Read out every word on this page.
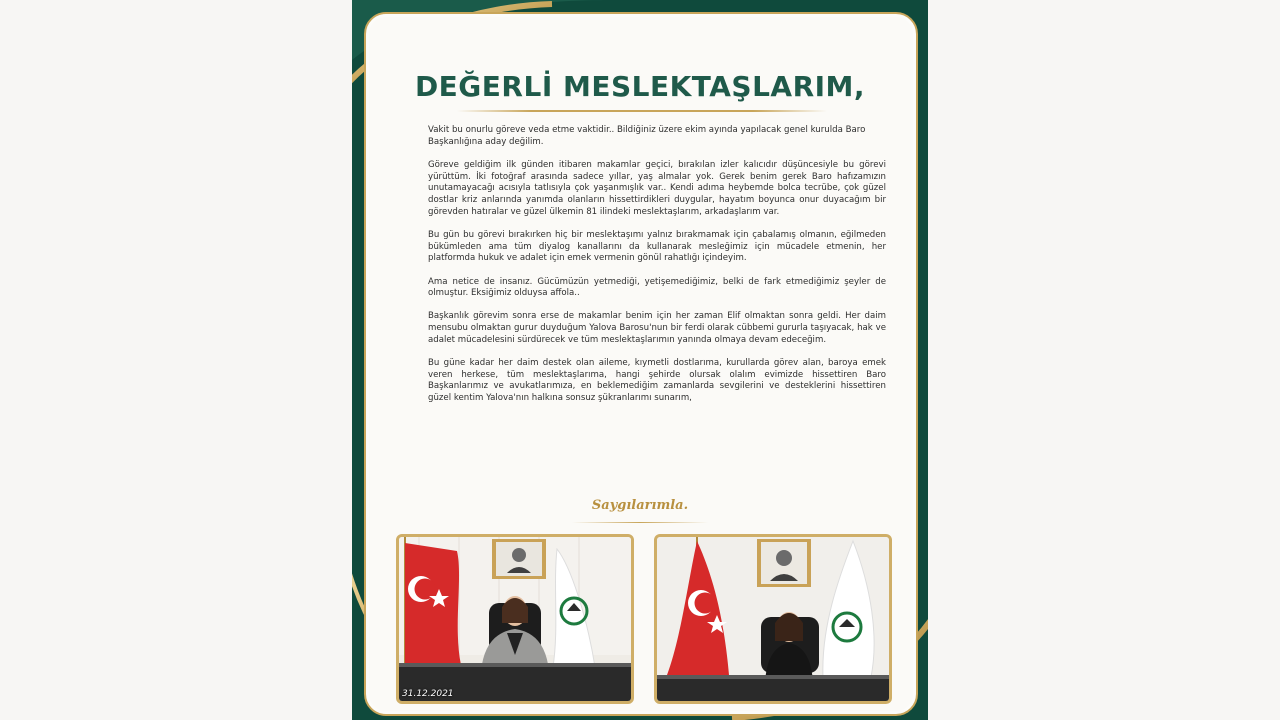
DEĞERLİ MESLEKTAŞLARIM,

Vakit bu onurlu göreve veda etme vaktidir.. Bildiğiniz üzere ekim ayında yapılacak genel kurulda Baro Başkanlığına aday değilim.

Göreve geldiğim ilk günden itibaren makamlar geçici, bırakılan izler kalıcıdır düşüncesiyle bu görevi yürüttüm. İki fotoğraf arasında sadece yıllar, yaş almalar yok. Gerek benim gerek Baro hafızamızın unutamayacağı acısıyla tatlısıyla çok yaşanmışlık var.. Kendi adıma heybemde bolca tecrübe, çok güzel dostlar kriz anlarında yanımda olanların hissettirdikleri duygular, hayatım boyunca onur duyacağım bir görevden hatıralar ve güzel ülkemin 81 ilindeki meslektaşlarım, arkadaşlarım var.

Bu gün bu görevi bırakırken hiç bir meslektaşımı yalnız bırakmamak için çabalamış olmanın, eğilmeden bükümleden ama tüm diyalog kanallarını da kullanarak mesleğimiz için mücadele etmenin, her platformda hukuk ve adalet için emek vermenin gönül rahatlığı içindeyim.

Ama netice de insanız. Gücümüzün yetmediği, yetişemediğimiz, belki de fark etmediğimiz şeyler de olmuştur. Eksiğimiz olduysa affola..

Başkanlık görevim sonra erse de makamlar benim için her zaman Elif olmaktan sonra geldi. Her daim mensubu olmaktan gurur duyduğum Yalova Barosu'nun bir ferdi olarak cübbemi gururla taşıyacak, hak ve adalet mücadelesini sürdürecek ve tüm meslektaşlarımın yanında olmaya devam edeceğim.

Bu güne kadar her daim destek olan aileme, kıymetli dostlarıma, kurullarda görev alan, baroya emek veren herkese, tüm meslektaşlarıma, hangi şehirde olursak olalım evimizde hissettiren Baro Başkanlarımız ve avukatlarımıza, en beklemediğim zamanlarda sevgilerini ve desteklerini hissettiren güzel kentim Yalova'nın halkına sonsuz şükranlarımı sunarım,

Saygılarımla.
31.12.2021
